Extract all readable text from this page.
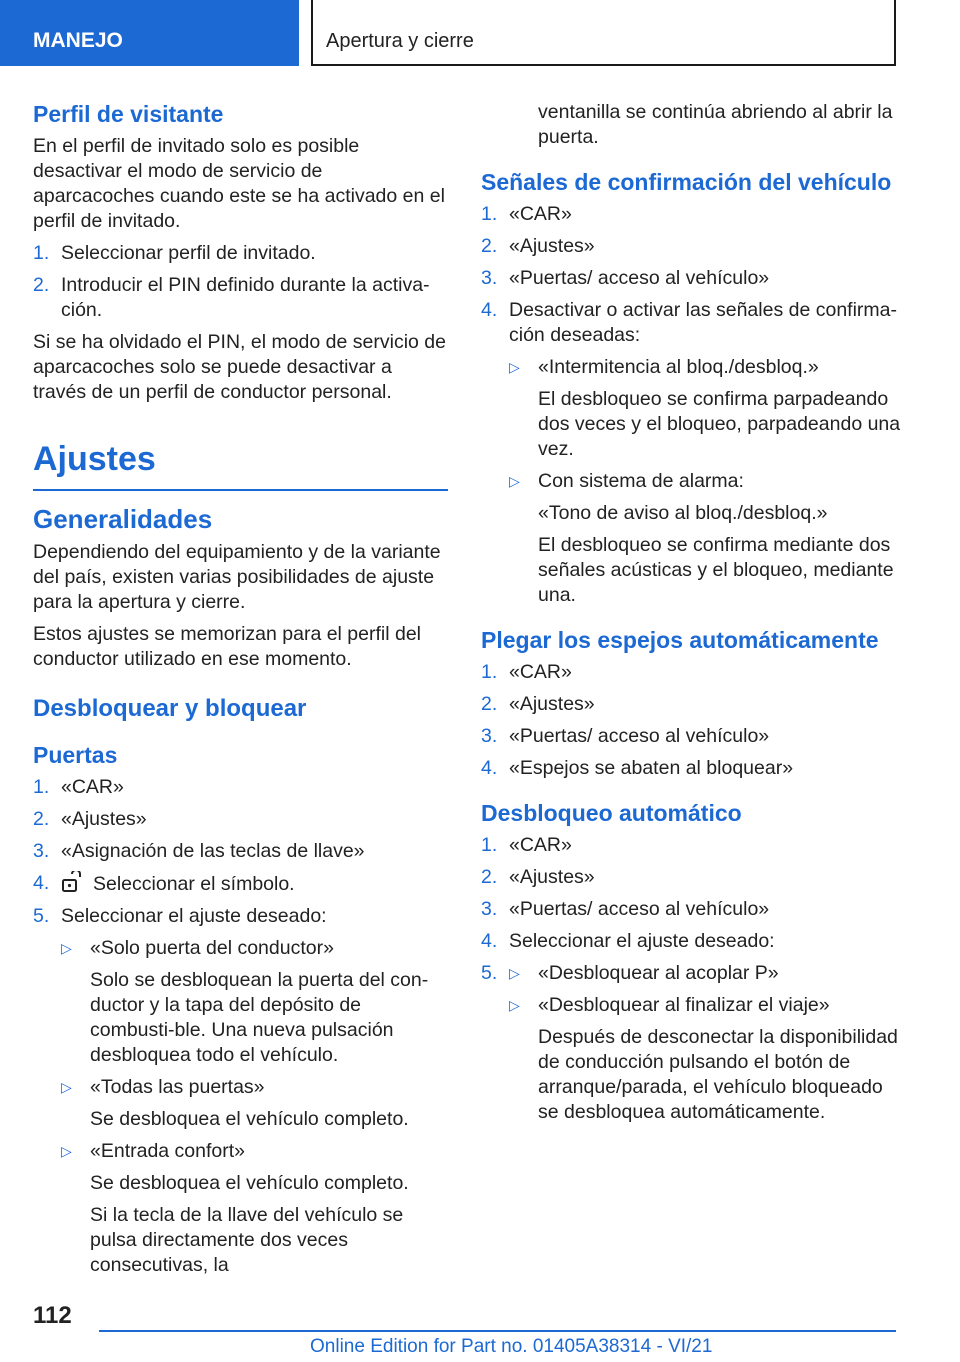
MANEJO	Apertura y cierre
Perfil de visitante
En el perfil de invitado solo es posible desactivar el modo de servicio de aparcacoches cuando este se ha activado en el perfil de invitado.
1. Seleccionar perfil de invitado.
2. Introducir el PIN definido durante la activa‐ción.
Si se ha olvidado el PIN, el modo de servicio de aparcacoches solo se puede desactivar a través de un perfil de conductor personal.
Ajustes
Generalidades
Dependiendo del equipamiento y de la variante del país, existen varias posibilidades de ajuste para la apertura y cierre.
Estos ajustes se memorizan para el perfil del conductor utilizado en ese momento.
Desbloquear y bloquear
Puertas
1. «CAR»
2. «Ajustes»
3. «Asignación de las teclas de llave»
4.	Seleccionar el símbolo.
5. Seleccionar el ajuste deseado:
▷ «Solo puerta del conductor»
Solo se desbloquean la puerta del con‐ductor y la tapa del depósito de combusti‐ble. Una nueva pulsación desbloquea todo el vehículo.
▷ «Todas las puertas»
Se desbloquea el vehículo completo.
▷ «Entrada confort»
Se desbloquea el vehículo completo.
Si la tecla de la llave del vehículo se pulsa directamente dos veces consecutivas, la
ventanilla se continúa abriendo al abrir la puerta.
Señales de confirmación del vehículo
1. «CAR»
2. «Ajustes»
3. «Puertas/ acceso al vehículo»
4. Desactivar o activar las señales de confirma‐ción deseadas:
▷ «Intermitencia al bloq./desbloq.»
El desbloqueo se confirma parpadeando dos veces y el bloqueo, parpadeando una vez.
▷ Con sistema de alarma:
«Tono de aviso al bloq./desbloq.»
El desbloqueo se confirma mediante dos señales acústicas y el bloqueo, mediante una.
Plegar los espejos automáticamente
1. «CAR»
2. «Ajustes»
3. «Puertas/ acceso al vehículo»
4. «Espejos se abaten al bloquear»
Desbloqueo automático
1. «CAR»
2. «Ajustes»
3. «Puertas/ acceso al vehículo»
4. Seleccionar el ajuste deseado:
5. ▷ «Desbloquear al acoplar P»
▷ «Desbloquear al finalizar el viaje»
Después de desconectar la disponibilidad de conducción pulsando el botón de arranque/parada, el vehículo bloqueado se desbloquea automáticamente.
112
Online Edition for Part no. 01405A38314 - VI/21
